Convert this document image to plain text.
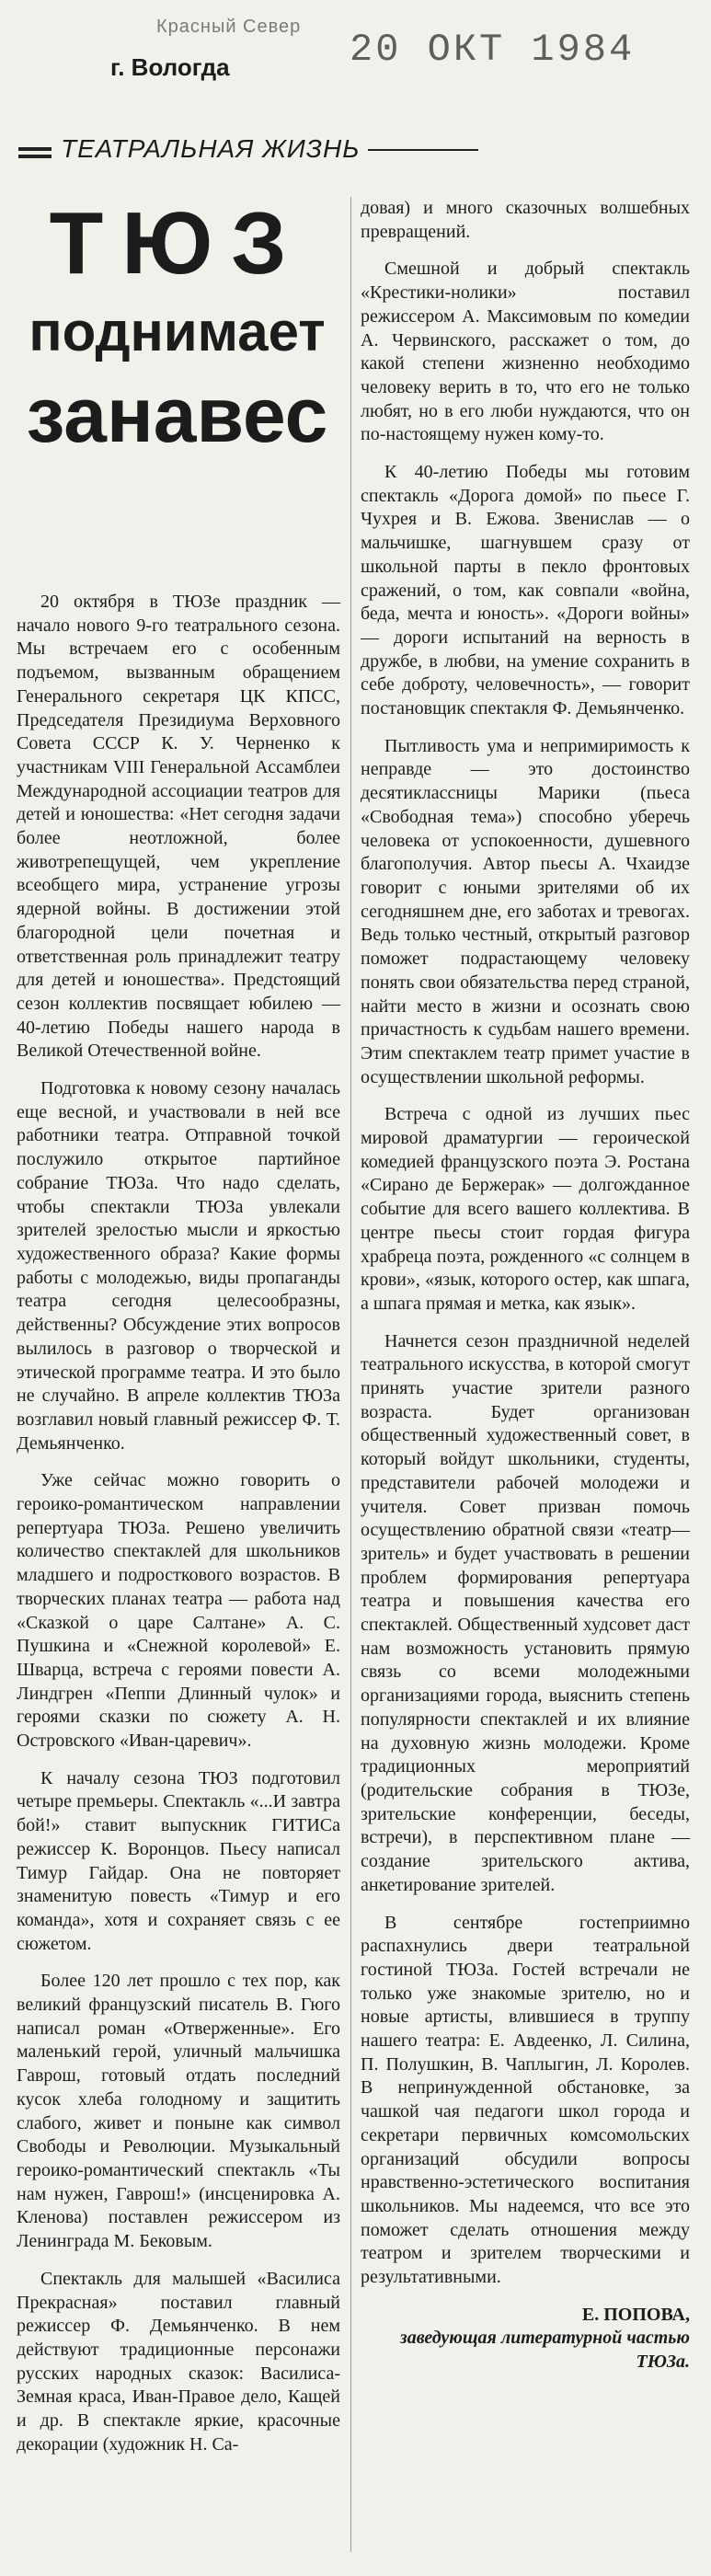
Красный Север
г. Вологда	20 ОКТ 1984
ТЕАТРАЛЬНАЯ ЖИЗНЬ
ТЮЗ
поднимает
занавес

20 октября в ТЮЗе праздник — начало нового 9-го театрального сезона. Мы встречаем его с особенным подъемом, вызванным обращением Генерального секретаря ЦК КПСС, Председателя Президиума Верховного Совета СССР К. У. Черненко к участникам VIII Генеральной Ассамблеи Международной ассоциации театров для детей и юношества: «Нет сегодня задачи более неотложной, более животрепещущей, чем укрепление всеобщего мира, устранение угрозы ядерной войны. В достижении этой благородной цели почетная и ответственная роль принадлежит театру для детей и юношества». Предстоящий сезон коллектив посвящает юбилею — 40-летию Победы нашего народа в Великой Отечественной войне.

Подготовка к новому сезону началась еще весной, и участвовали в ней все работники театра. Отправной точкой послужило открытое партийное собрание ТЮЗа. Что надо сделать, чтобы спектакли ТЮЗа увлекали зрителей зрелостью мысли и яркостью художественного образа? Какие формы работы с молодежью, виды пропаганды театра сегодня целесообразны, действенны? Обсуждение этих вопросов вылилось в разговор о творческой и этической программе театра. И это было не случайно. В апреле коллектив ТЮЗа возглавил новый главный режиссер Ф. Т. Демьянченко.

Уже сейчас можно говорить о героико-романтическом направлении репертуара ТЮЗа. Решено увеличить количество спектаклей для школьников младшего и подросткового возрастов. В творческих планах театра — работа над «Сказкой о царе Салтане» А. С. Пушкина и «Снежной королевой» Е. Шварца, встреча с героями повести А. Линдгрен «Пеппи Длинный чулок» и героями сказки по сюжету А. Н. Островского «Иван-царевич».

К началу сезона ТЮЗ подготовил четыре премьеры. Спектакль «...И завтра бой!» ставит выпускник ГИТИСа режиссер К. Воронцов. Пьесу написал Тимур Гайдар. Она не повторяет знаменитую повесть «Тимур и его команда», хотя и сохраняет связь с ее сюжетом.

Более 120 лет прошло с тех пор, как великий французский писатель В. Гюго написал роман «Отверженные». Его маленький герой, уличный мальчишка Гаврош, готовый отдать последний кусок хлеба голодному и защитить слабого, живет и поныне как символ Свободы и Революции. Музыкальный героико-романтический спектакль «Ты нам нужен, Гаврош!» (инсценировка А. Кленова) поставлен режиссером из Ленинграда М. Бековым.

Спектакль для малышей «Василиса Прекрасная» поставил главный режиссер Ф. Демьянченко. В нем действуют традиционные персонажи русских народных сказок: Василиса-Земная краса, Иван-Правое дело, Кащей и др. В спектакле яркие, красочные декорации (художник Н. Са-

довая) и много сказочных волшебных превращений.

Смешной и добрый спектакль «Крестики-нолики» поставил режиссером А. Максимовым по комедии А. Червинского, расскажет о том, до какой степени жизненно необходимо человеку верить в то, что его не только любят, но в его люби нуждаются, что он по-настоящему нужен кому-то.

К 40-летию Победы мы готовим спектакль «Дорога домой» по пьесе Г. Чухрея и В. Ежова. Звенислав — о мальчишке, шагнувшем сразу от школьной парты в пекло фронтовых сражений, о том, как совпали «война, беда, мечта и юность». «Дороги войны» — дороги испытаний на верность в дружбе, в любви, на умение сохранить в себе доброту, человечность», — говорит постановщик спектакля Ф. Демьянченко.

Пытливость ума и непримиримость к неправде — это достоинство десятиклассницы Марики (пьеса «Свободная тема») способно уберечь человека от успокоенности, душевного благополучия. Автор пьесы А. Чхаидзе говорит с юными зрителями об их сегодняшнем дне, его заботах и тревогах. Ведь только честный, открытый разговор поможет подрастающему человеку понять свои обязательства перед страной, найти место в жизни и осознать свою причастность к судьбам нашего времени. Этим спектаклем театр примет участие в осуществлении школьной реформы.

Встреча с одной из лучших пьес мировой драматургии — героической комедией французского поэта Э. Ростана «Сирано де Бержерак» — долгожданное событие для всего вашего коллектива. В центре пьесы стоит гордая фигура храбреца поэта, рожденного «с солнцем в крови», «язык, которого остер, как шпага, а шпага прямая и метка, как язык».

Начнется сезон праздничной неделей театрального искусства, в которой смогут принять участие зрители разного возраста. Будет организован общественный художественный совет, в который войдут школьники, студенты, представители рабочей молодежи и учителя. Совет призван помочь осуществлению обратной связи «театр—зритель» и будет участвовать в решении проблем формирования репертуара театра и повышения качества его спектаклей. Общественный худсовет даст нам возможность установить прямую связь со всеми молодежными организациями города, выяснить степень популярности спектаклей и их влияние на духовную жизнь молодежи. Кроме традиционных мероприятий (родительские собрания в ТЮЗе, зрительские конференции, беседы, встречи), в перспективном плане — создание зрительского актива, анкетирование зрителей.

В сентябре гостеприимно распахнулись двери театральной гостиной ТЮЗа. Гостей встречали не только уже знакомые зрителю, но и новые артисты, влившиеся в труппу нашего театра: Е. Авдеенко, Л. Силина, П. Полушкин, В. Чаплыгин, Л. Королев. В непринужденной обстановке, за чашкой чая педагоги школ города и секретари первичных комсомольских организаций обсудили вопросы нравственно-эстетического воспитания школьников. Мы надеемся, что все это поможет сделать отношения между театром и зрителем творческими и результативными.

Е. ПОПОВА,
заведующая литературной частью ТЮЗа.
